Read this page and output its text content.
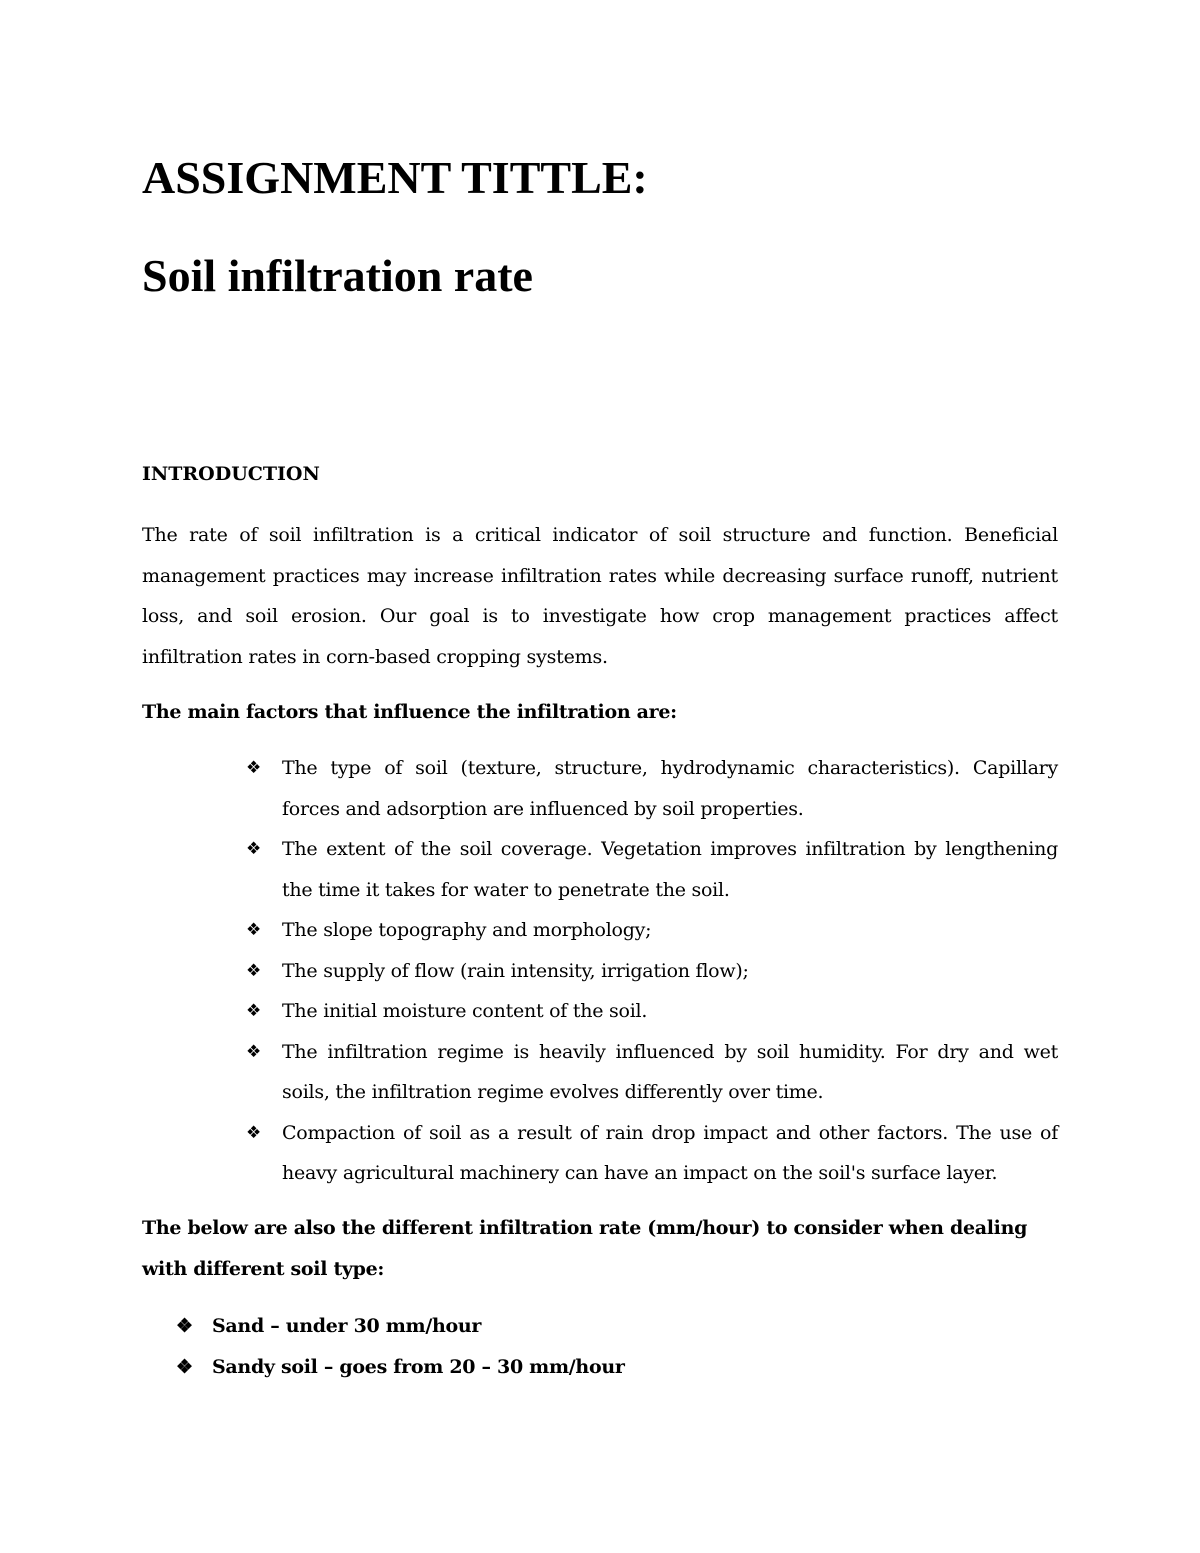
ASSIGNMENT TITTLE:
Soil infiltration rate
INTRODUCTION

The rate of soil infiltration is a critical indicator of soil structure and function. Beneficial management practices may increase infiltration rates while decreasing surface runoff, nutrient loss, and soil erosion. Our goal is to investigate how crop management practices affect infiltration rates in corn-based cropping systems.

The main factors that influence the infiltration are:

❖ The type of soil (texture, structure, hydrodynamic characteristics). Capillary forces and adsorption are influenced by soil properties.
❖ The extent of the soil coverage. Vegetation improves infiltration by lengthening the time it takes for water to penetrate the soil.
❖ The slope topography and morphology;
❖ The supply of flow (rain intensity, irrigation flow);
❖ The initial moisture content of the soil.
❖ The infiltration regime is heavily influenced by soil humidity. For dry and wet soils, the infiltration regime evolves differently over time.
❖ Compaction of soil as a result of rain drop impact and other factors. The use of heavy agricultural machinery can have an impact on the soil's surface layer.

The below are also the different infiltration rate (mm/hour) to consider when dealing with different soil type:

❖ Sand – under 30 mm/hour
❖ Sandy soil – goes from 20 – 30 mm/hour
